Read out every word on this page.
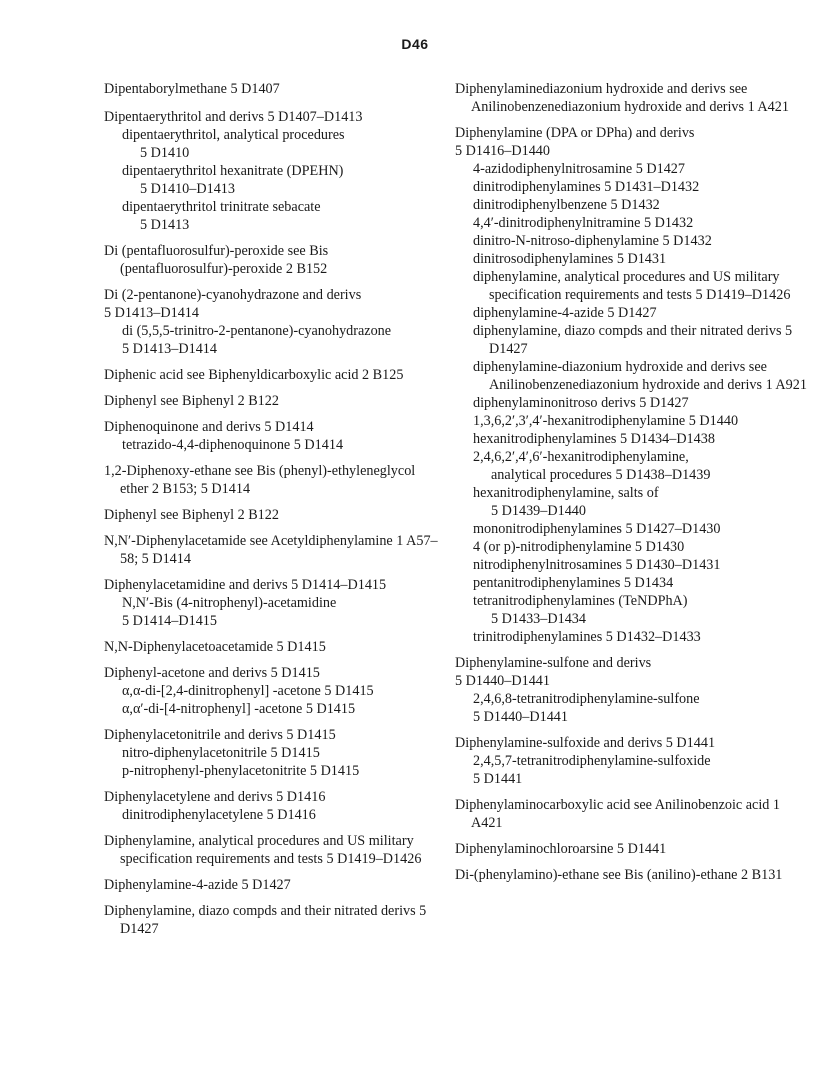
D46
Dipentaborylmethane 5 D1407
Dipentaerythritol and derivs 5 D1407–D1413
dipentaerythritol, analytical procedures
5 D1410
dipentaerythritol hexanitrate (DPEHN)
5 D1410–D1413
dipentaerythritol trinitrate sebacate
5 D1413
Di (pentafluorosulfur)-peroxide see Bis (pentafluorosulfur)-peroxide 2 B152
Di (2-pentanone)-cyanohydrazone and derivs
5 D1413–D1414
di (5,5,5-trinitro-2-pentanone)-cyanohydrazone
5 D1413–D1414
Diphenic acid see Biphenyldicarboxylic acid 2 B125
Diphenyl see Biphenyl 2 B122
Diphenoquinone and derivs 5 D1414
tetrazido-4,4-diphenoquinone 5 D1414
1,2-Diphenoxy-ethane see Bis (phenyl)-ethyleneglycol ether 2 B153; 5 D1414
Diphenyl see Biphenyl 2 B122
N,N′-Diphenylacetamide see Acetyldiphenylamine 1 A57–58; 5 D1414
Diphenylacetamidine and derivs 5 D1414–D1415
N,N′-Bis (4-nitrophenyl)-acetamidine
5 D1414–D1415
N,N-Diphenylacetoacetamide 5 D1415
Diphenyl-acetone and derivs 5 D1415
α,α-di-[2,4-dinitrophenyl] -acetone 5 D1415
α,α′-di-[4-nitrophenyl] -acetone 5 D1415
Diphenylacetonitrile and derivs 5 D1415
nitro-diphenylacetonitrile 5 D1415
p-nitrophenyl-phenylacetonitrite 5 D1415
Diphenylacetylene and derivs 5 D1416
dinitrodiphenylacetylene 5 D1416
Diphenylamine, analytical procedures and US military specification requirements and tests 5 D1419–D1426
Diphenylamine-4-azide 5 D1427
Diphenylamine, diazo compds and their nitrated derivs 5 D1427
Diphenylaminediazonium hydroxide and derivs see Anilinobenzenediazonium hydroxide and derivs 1 A421
Diphenylamine (DPA or DPha) and derivs
5 D1416–D1440
4-azidodiphenylnitrosamine 5 D1427
dinitrodiphenylamines 5 D1431–D1432
dinitrodiphenylbenzene 5 D1432
4,4′-dinitrodiphenylnitramine 5 D1432
dinitro-N-nitroso-diphenylamine 5 D1432
dinitrosodiphenylamines 5 D1431
diphenylamine, analytical procedures and US military specification requirements and tests 5 D1419–D1426
diphenylamine-4-azide 5 D1427
diphenylamine, diazo compds and their nitrated derivs 5 D1427
diphenylamine-diazonium hydroxide and derivs see Anilinobenzenediazonium hydroxide and derivs 1 A921
diphenylaminonitroso derivs 5 D1427
1,3,6,2′,3′,4′-hexanitrodiphenylamine 5 D1440
hexanitrodiphenylamines 5 D1434–D1438
2,4,6,2′,4′,6′-hexanitrodiphenylamine,
analytical procedures 5 D1438–D1439
hexanitrodiphenylamine, salts of
5 D1439–D1440
mononitrodiphenylamines 5 D1427–D1430
4 (or p)-nitrodiphenylamine 5 D1430
nitrodiphenylnitrosamines 5 D1430–D1431
pentanitrodiphenylamines 5 D1434
tetranitrodiphenylamines (TeNDPhA)
5 D1433–D1434
trinitrodiphenylamines 5 D1432–D1433
Diphenylamine-sulfone and derivs
5 D1440–D1441
2,4,6,8-tetranitrodiphenylamine-sulfone
5 D1440–D1441
Diphenylamine-sulfoxide and derivs 5 D1441
2,4,5,7-tetranitrodiphenylamine-sulfoxide
5 D1441
Diphenylaminocarboxylic acid see Anilinobenzoic acid 1 A421
Diphenylaminochloroarsine 5 D1441
Di-(phenylamino)-ethane see Bis (anilino)-ethane 2 B131
